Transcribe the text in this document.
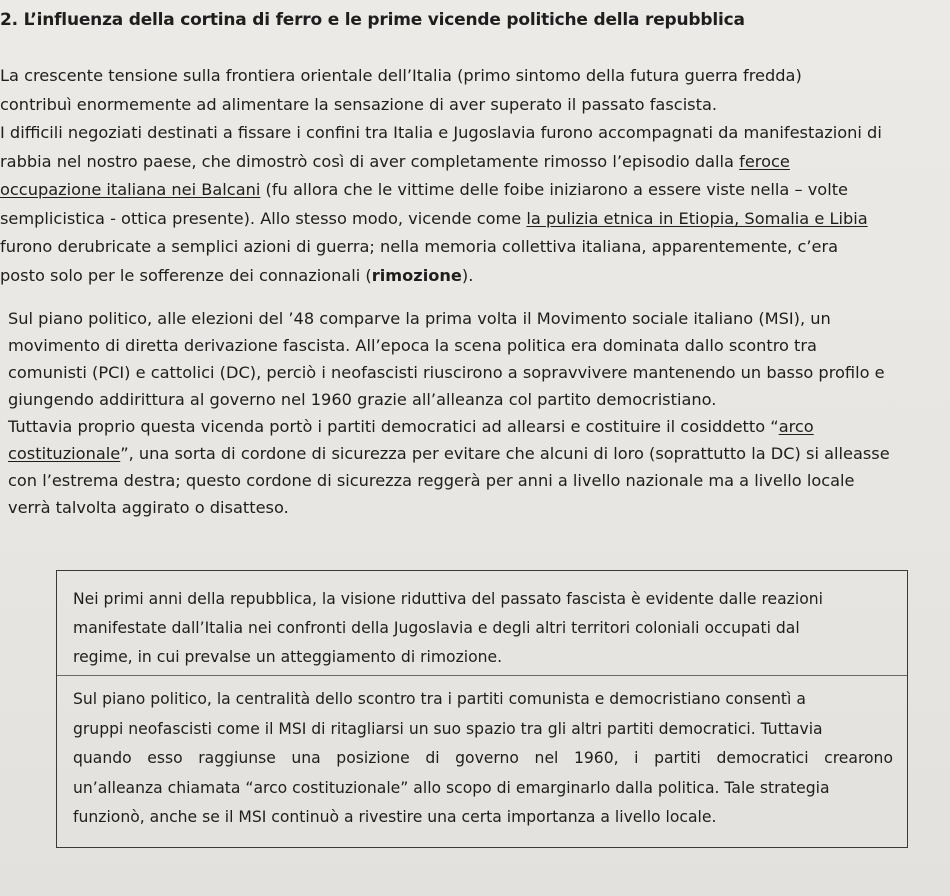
2. L’influenza della cortina di ferro e le prime vicende politiche della repubblica

La crescente tensione sulla frontiera orientale dell’Italia (primo sintomo della futura guerra fredda)
contribuì enormemente ad alimentare la sensazione di aver superato il passato fascista.
I difficili negoziati destinati a fissare i confini tra Italia e Jugoslavia furono accompagnati da manifestazioni di
rabbia nel nostro paese, che dimostrò così di aver completamente rimosso l’episodio dalla feroce
occupazione italiana nei Balcani (fu allora che le vittime delle foibe iniziarono a essere viste nella – volte
semplicistica - ottica presente). Allo stesso modo, vicende come la pulizia etnica in Etiopia, Somalia e Libia
furono derubricate a semplici azioni di guerra; nella memoria collettiva italiana, apparentemente, c’era
posto solo per le sofferenze dei connazionali (rimozione).

Sul piano politico, alle elezioni del ’48 comparve la prima volta il Movimento sociale italiano (MSI), un
movimento di diretta derivazione fascista. All’epoca la scena politica era dominata dallo scontro tra
comunisti (PCI) e cattolici (DC), perciò i neofascisti riuscirono a sopravvivere mantenendo un basso profilo e
giungendo addirittura al governo nel 1960 grazie all’alleanza col partito democristiano.
Tuttavia proprio questa vicenda portò i partiti democratici ad allearsi e costituire il cosiddetto “arco
costituzionale”, una sorta di cordone di sicurezza per evitare che alcuni di loro (soprattutto la DC) si alleasse
con l’estrema destra; questo cordone di sicurezza reggerà per anni a livello nazionale ma a livello locale
verrà talvolta aggirato o disatteso.

Nei primi anni della repubblica, la visione riduttiva del passato fascista è evidente dalle reazioni
manifestate dall’Italia nei confronti della Jugoslavia e degli altri territori coloniali occupati dal
regime, in cui prevalse un atteggiamento di rimozione.
Sul piano politico, la centralità dello scontro tra i partiti comunista e democristiano consentì a
gruppi neofascisti come il MSI di ritagliarsi un suo spazio tra gli altri partiti democratici. Tuttavia
quando esso raggiunse una posizione di governo nel 1960, i partiti democratici crearono
un’alleanza chiamata “arco costituzionale” allo scopo di emarginarlo dalla politica. Tale strategia
funzionò, anche se il MSI continuò a rivestire una certa importanza a livello locale.
